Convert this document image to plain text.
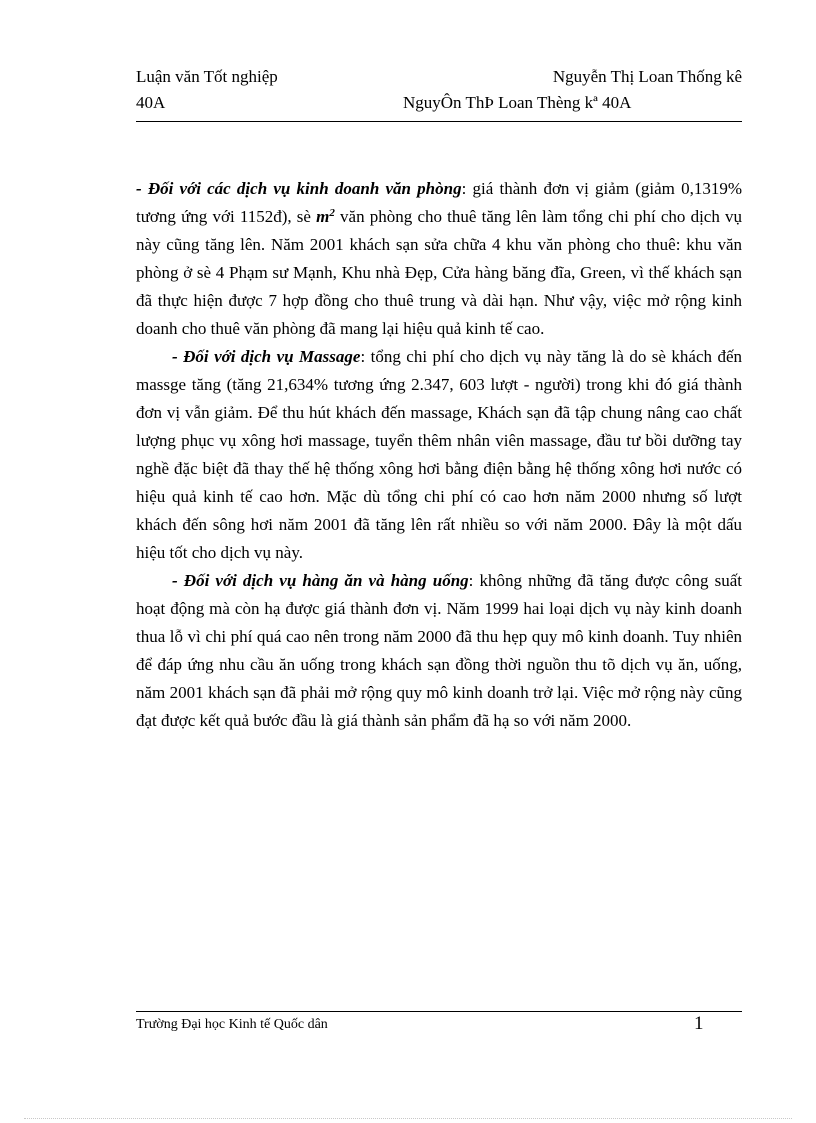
Luận văn Tốt nghiệp	Nguyễn Thị Loan Thống kê
40A	NguyÔn ThÞ Loan Thèng kª 40A

- Đối với các dịch vụ kinh doanh văn phòng: giá thành đơn vị giảm (giảm 0,1319% tương ứng với 1152đ), sè $m^2$ văn phòng cho thuê tăng lên làm tổng chi phí cho dịch vụ này cũng tăng lên. Năm 2001 khách sạn sửa chữa 4 khu văn phòng cho thuê: khu văn phòng ở sè 4 Phạm sư Mạnh, Khu nhà Đẹp, Cửa hàng băng đĩa, Green, vì thế khách sạn đã thực hiện được 7 hợp đồng cho thuê trung và dài hạn. Như vậy, việc mở rộng kinh doanh cho thuê văn phòng đã mang lại hiệu quả kinh tế cao.

- Đối với dịch vụ Massage: tổng chi phí cho dịch vụ này tăng là do sè khách đến massge tăng (tăng 21,634% tương ứng 2.347, 603 lượt - người) trong khi đó giá thành đơn vị vẫn giảm. Để thu hút khách đến massage, Khách sạn đã tập chung nâng cao chất lượng phục vụ xông hơi massage, tuyển thêm nhân viên massage, đầu tư bồi dưỡng tay nghề đặc biệt đã thay thế hệ thống xông hơi bằng điện bằng hệ thống xông hơi nước có hiệu quả kinh tế cao hơn. Mặc dù tổng chi phí có cao hơn năm 2000 nhưng số lượt khách đến sông hơi năm 2001 đã tăng lên rất nhiều so với năm 2000. Đây là một dấu hiệu tốt cho dịch vụ này.

- Đối với dịch vụ hàng ăn và hàng uống: không những đã tăng được công suất hoạt động mà còn hạ được giá thành đơn vị. Năm 1999 hai loại dịch vụ này kinh doanh thua lỗ vì chi phí quá cao nên trong năm 2000 đã thu hẹp quy mô kinh doanh. Tuy nhiên để đáp ứng nhu cầu ăn uống trong khách sạn đồng thời nguồn thu tõ dịch vụ ăn, uống, năm 2001 khách sạn đã phải mở rộng quy mô kinh doanh trở lại. Việc mở rộng này cũng đạt được kết quả bước đầu là giá thành sản phẩm đã hạ so với năm 2000.

Trường Đại học Kinh tế Quốc dân	1
